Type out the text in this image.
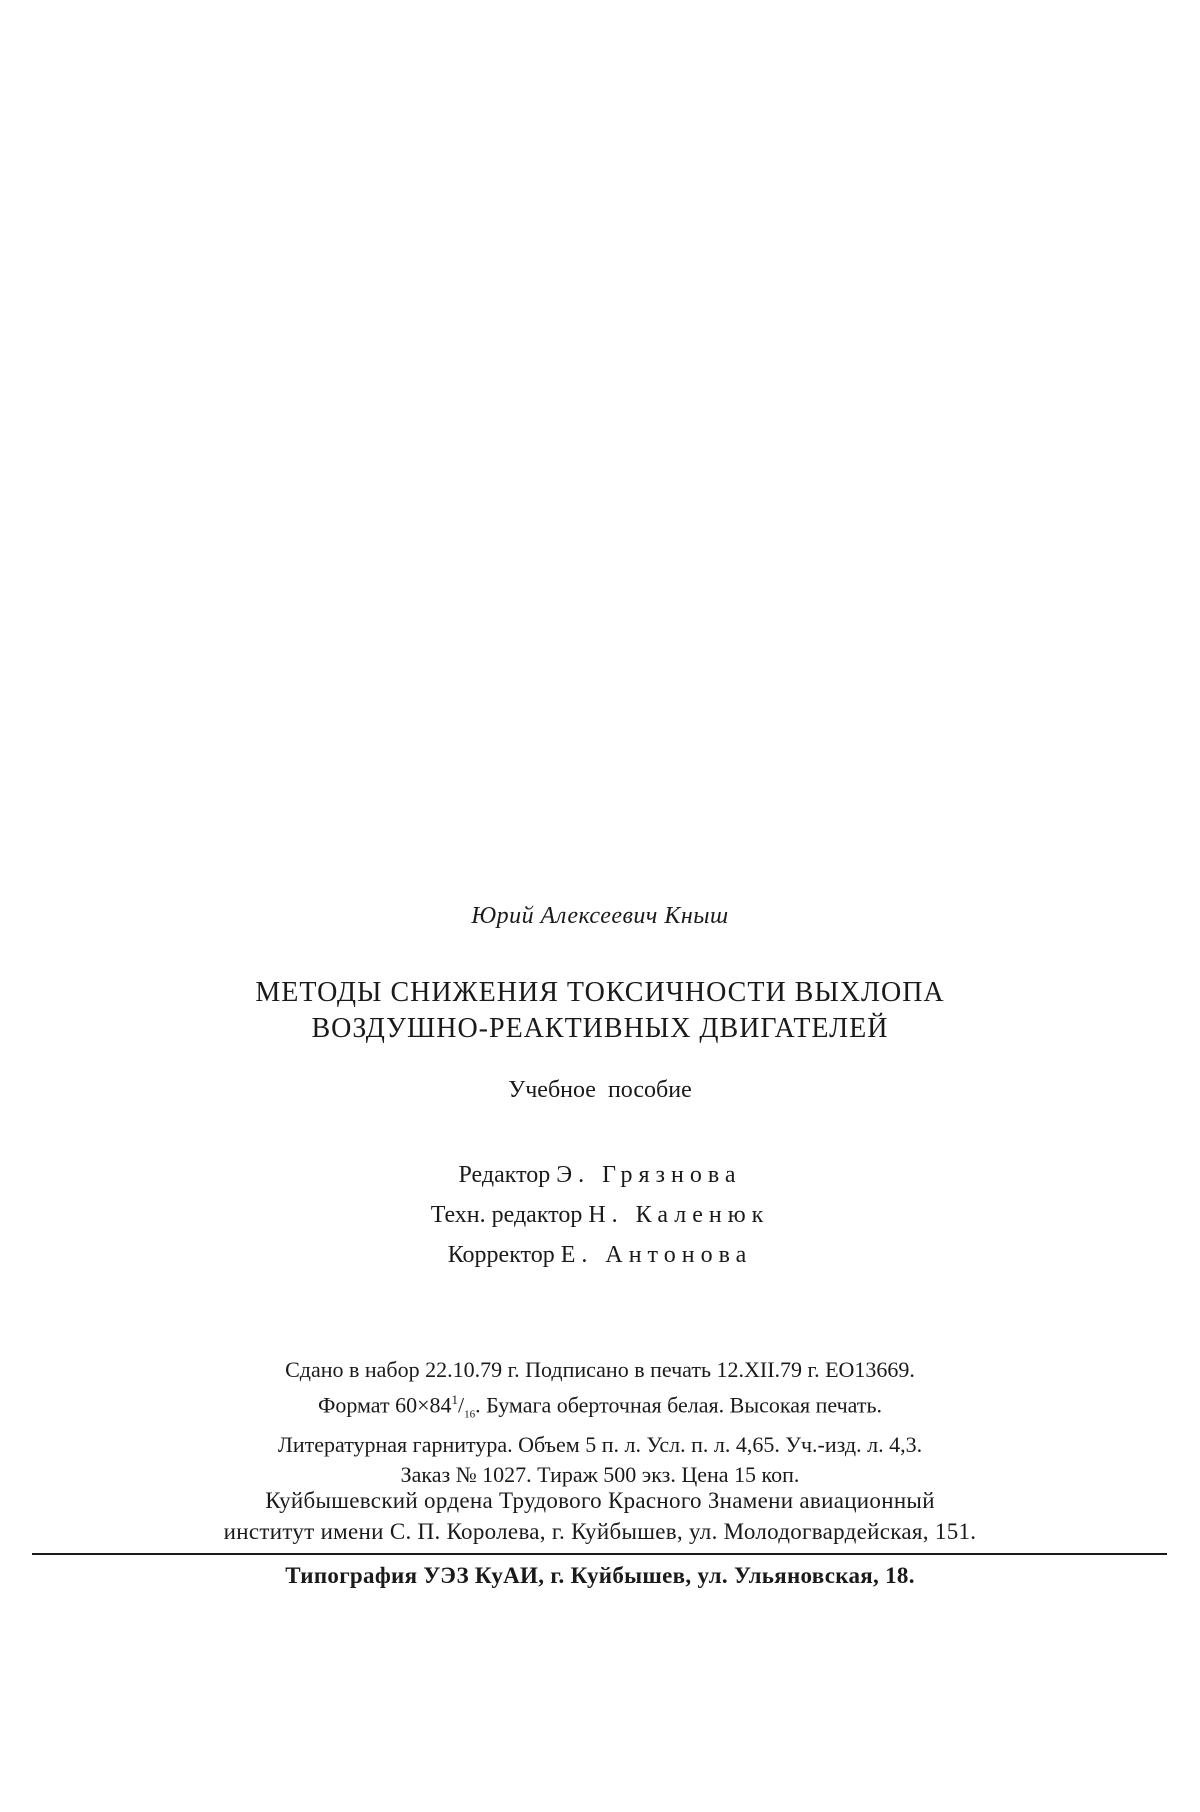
Юрий Алексеевич Кныш
МЕТОДЫ СНИЖЕНИЯ ТОКСИЧНОСТИ ВЫХЛОПА
ВОЗДУШНО-РЕАКТИВНЫХ ДВИГАТЕЛЕЙ
Учебное пособие
Редактор Э. Грязнова
Техн. редактор Н. Каленюк
Корректор Е. Антонова
Сдано в набор 22.10.79 г. Подписано в печать 12.XII.79 г. ЕО13669.
Формат $60\times 84^1/_{16}$. Бумага оберточная белая. Высокая печать.
Литературная гарнитура. Объем 5 п. л. Усл. п. л. 4,65. Уч.-изд. л. 4,3.
Заказ № 1027. Тираж 500 экз. Цена 15 коп.
Куйбышевский ордена Трудового Красного Знамени авиационный
институт имени С. П. Королева, г. Куйбышев, ул. Молодогвардейская, 151.
Типография УЭЗ КуАИ, г. Куйбышев, ул. Ульяновская, 18.
